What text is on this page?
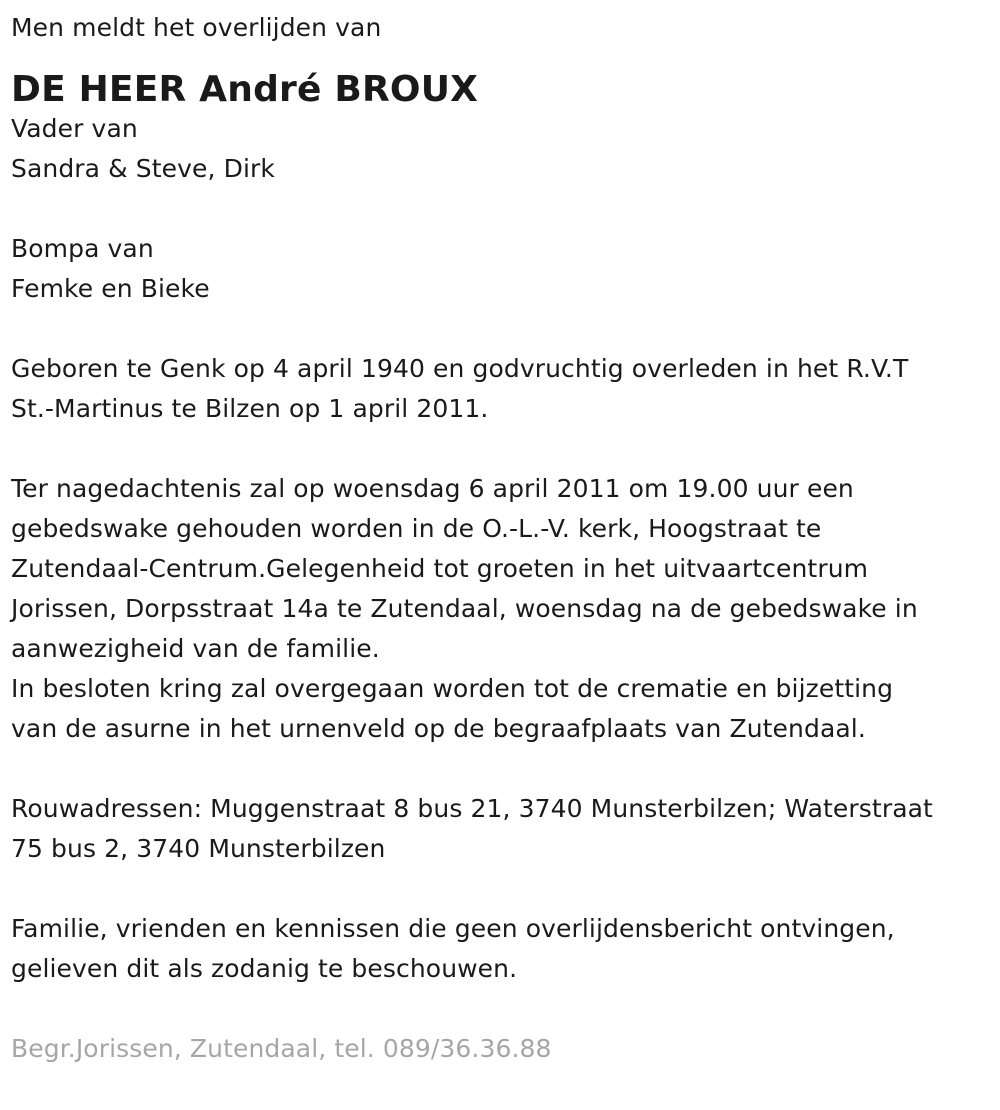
Men meldt het overlijden van
DE HEER André BROUX
Vader van
Sandra & Steve, Dirk
Bompa van
Femke en Bieke
Geboren te Genk op 4 april 1940 en godvruchtig overleden in het R.V.T
St.-Martinus te Bilzen op 1 april 2011.
Ter nagedachtenis zal op woensdag 6 april 2011 om 19.00 uur een
gebedswake gehouden worden in de O.-L.-V. kerk, Hoogstraat te
Zutendaal-Centrum.Gelegenheid tot groeten in het uitvaartcentrum
Jorissen, Dorpsstraat 14a te Zutendaal, woensdag na de gebedswake in
aanwezigheid van de familie.
In besloten kring zal overgegaan worden tot de crematie en bijzetting
van de asurne in het urnenveld op de begraafplaats van Zutendaal.
Rouwadressen: Muggenstraat 8 bus 21, 3740 Munsterbilzen; Waterstraat
75 bus 2, 3740 Munsterbilzen
Familie, vrienden en kennissen die geen overlijdensbericht ontvingen,
gelieven dit als zodanig te beschouwen.
Begr.Jorissen, Zutendaal, tel. 089/36.36.88
